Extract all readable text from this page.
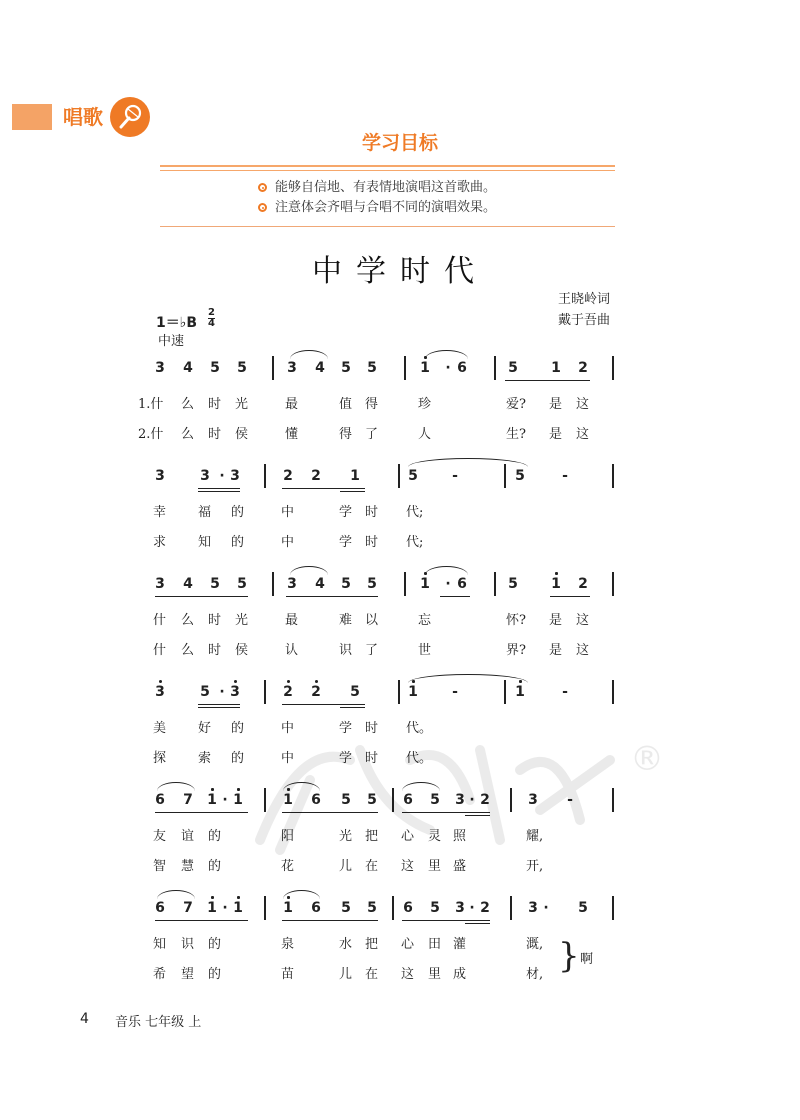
唱歌
学习目标
能够自信地、有表情地演唱这首歌曲。
注意体会齐唱与合唱不同的演唱效果。
中学时代
王晓岭词
戴于吾曲
1＝♭B
2
4
中速
3 4 5 5	3 4 5 5	1	· 6	5 1 2
1.什 么 时 光	最	值 得	珍	爱? 是 这
2.什 么 时 侯	懂	得 了	人	生? 是 这
3	3 · 3	2 2 1	5 -	5	-
幸 福 的	中	学 时 代;
求 知 的	中	学 时 代;
3 4 5 5	3 4 5 5	1	· 6	5 1 2
什 么 时 光	最	难 以	忘	怀? 是 这
什 么 时 侯	认	识 了	世	界? 是 这
3	5 · 3	2 2 5	1 -	1	-
美 好 的	中	学 时 代。
探 索 的	中	学 时 代。
6 7 1 · 1	1 6 5 5 6 5 3 · 2	3 -
友 谊 的	阳	光 把 心 灵 照	耀,
智 慧 的	花	儿 在 这 里 盛	开,
6 7 1 · 1	1 6 5 5 6 5 3 · 2	3 ·	5
知 识 的	泉	水 把 心 田 灌	溉,
希 望 的	苗	儿 在 这 里 成	材, } 啊
®
4 音乐 七年级 上
